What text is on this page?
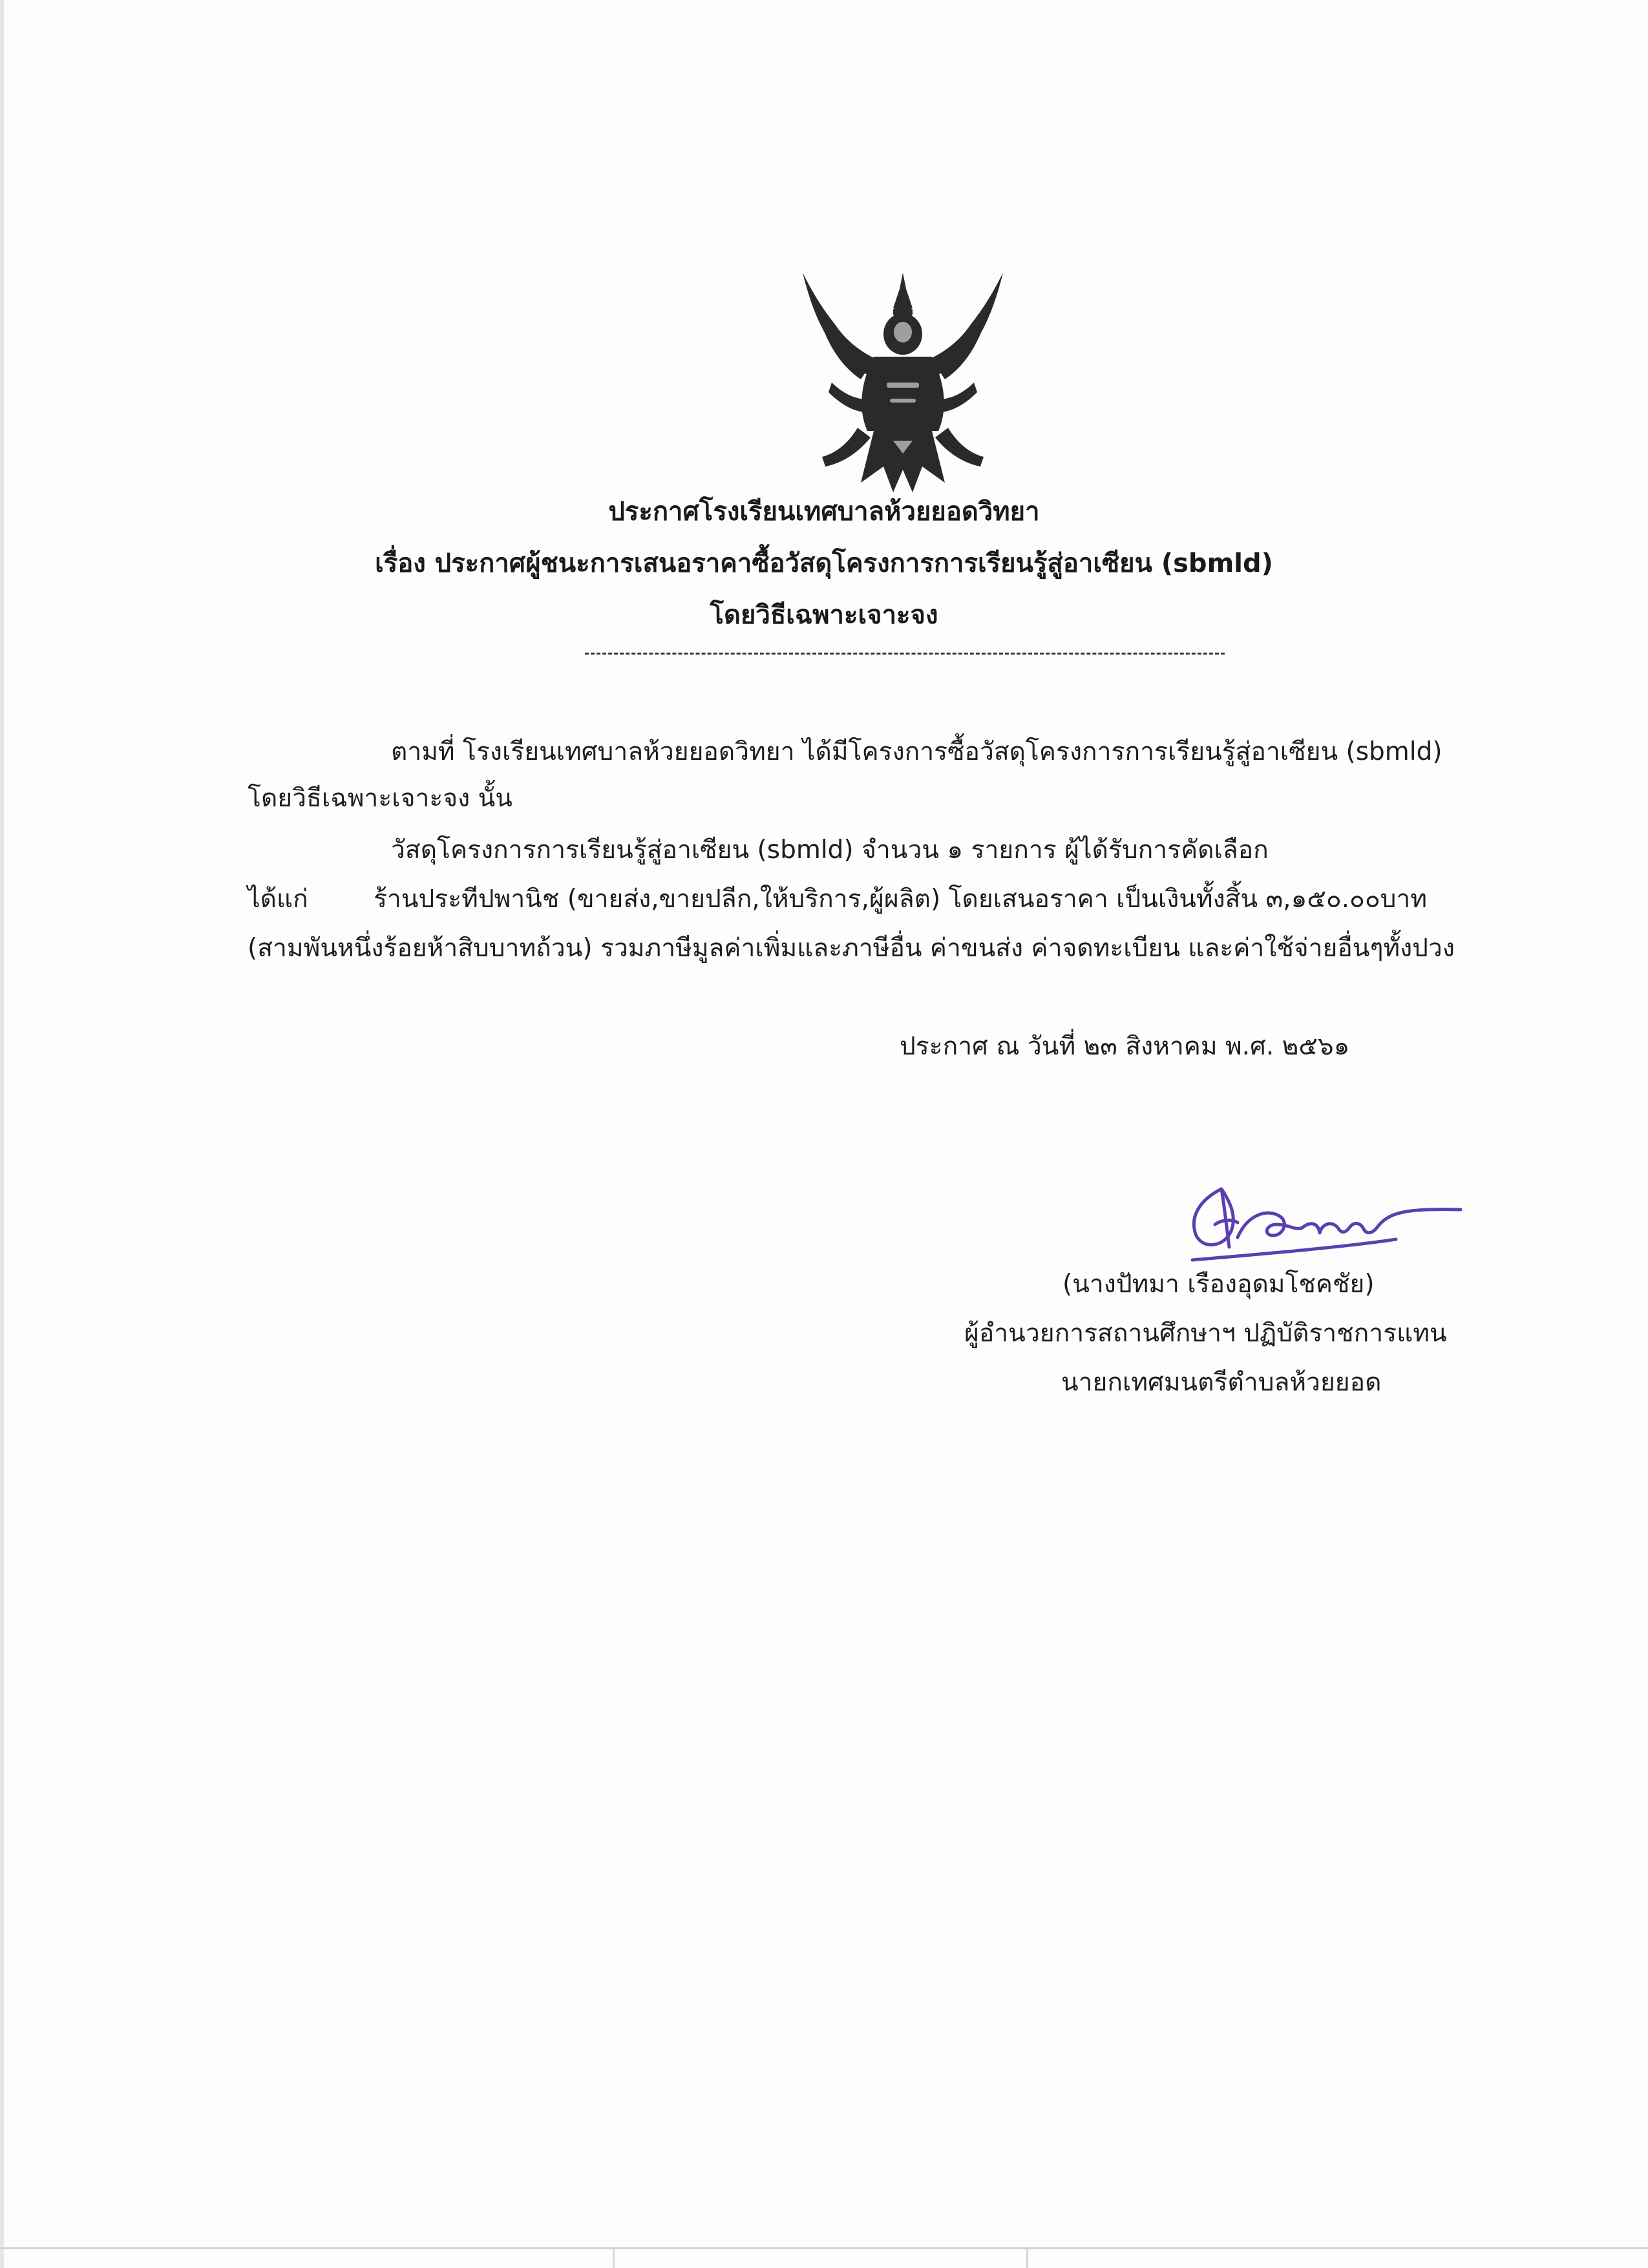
ประกาศโรงเรียนเทศบาลห้วยยอดวิทยา
เรื่อง ประกาศผู้ชนะการเสนอราคาซื้อวัสดุโครงการการเรียนรู้สู่อาเซียน (sbmld)
โดยวิธีเฉพาะเจาะจง
ตามที่ โรงเรียนเทศบาลห้วยยอดวิทยา ได้มีโครงการซื้อวัสดุโครงการการเรียนรู้สู่อาเซียน (sbmld)
โดยวิธีเฉพาะเจาะจง นั้น
วัสดุโครงการการเรียนรู้สู่อาเซียน (sbmld) จำนวน ๑ รายการ ผู้ได้รับการคัดเลือก
ได้แก่	ร้านประทีปพานิช (ขายส่ง,ขายปลีก,ให้บริการ,ผู้ผลิต) โดยเสนอราคา เป็นเงินทั้งสิ้น ๓,๑๕๐.๐๐บาท
(สามพันหนึ่งร้อยห้าสิบบาทถ้วน) รวมภาษีมูลค่าเพิ่มและภาษีอื่น ค่าขนส่ง ค่าจดทะเบียน และค่าใช้จ่ายอื่นๆทั้งปวง
ประกาศ ณ วันที่ ๒๓ สิงหาคม พ.ศ. ๒๕๖๑
(นางปัทมา เรืองอุดมโชคชัย)
ผู้อำนวยการสถานศึกษาฯ ปฏิบัติราชการแทน
นายกเทศมนตรีตำบลห้วยยอด
